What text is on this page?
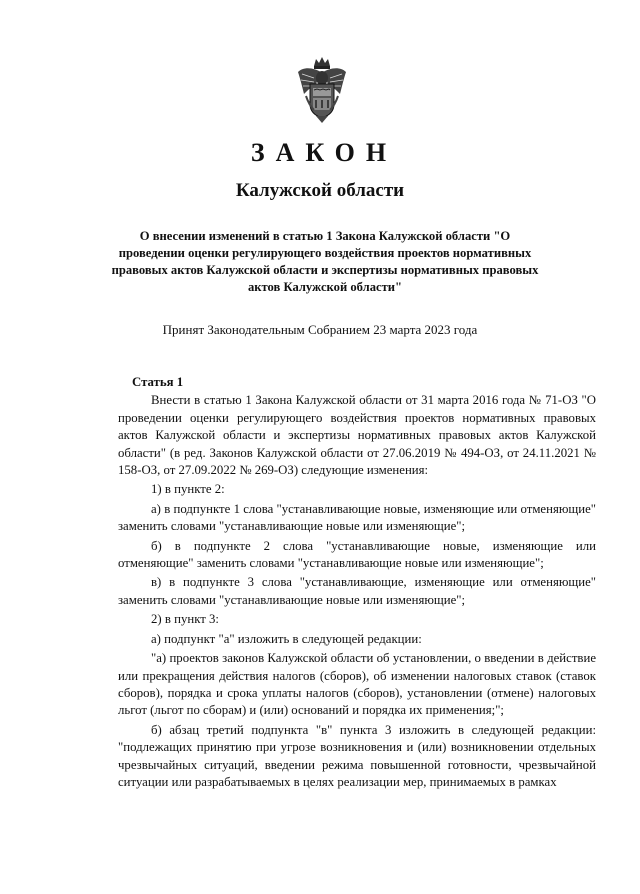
ЗАКОН
Калужской области
О внесении изменений в статью 1 Закона Калужской области "О проведении оценки регулирующего воздействия проектов нормативных правовых актов Калужской области и экспертизы нормативных правовых актов Калужской области"
Принят Законодательным Собранием 23 марта 2023 года
Статья 1

Внести в статью 1 Закона Калужской области от 31 марта 2016 года № 71-ОЗ "О проведении оценки регулирующего воздействия проектов нормативных правовых актов Калужской области и экспертизы нормативных правовых актов Калужской области" (в ред. Законов Калужской области от 27.06.2019 № 494-ОЗ, от 24.11.2021 № 158-ОЗ, от 27.09.2022 № 269-ОЗ) следующие изменения:

1) в пункте 2:

а) в подпункте 1 слова "устанавливающие новые, изменяющие или отменяющие" заменить словами "устанавливающие новые или изменяющие";

б) в подпункте 2 слова "устанавливающие новые, изменяющие или отменяющие" заменить словами "устанавливающие новые или изменяющие";

в) в подпункте 3 слова "устанавливающие, изменяющие или отменяющие" заменить словами "устанавливающие новые или изменяющие";

2) в пункт 3:

а) подпункт "а" изложить в следующей редакции:

"а) проектов законов Калужской области об установлении, о введении в действие или прекращения действия налогов (сборов), об изменении налоговых ставок (ставок сборов), порядка и срока уплаты налогов (сборов), установлении (отмене) налоговых льгот (льгот по сборам) и (или) оснований и порядка их применения;";

б) абзац третий подпункта "в" пункта 3 изложить в следующей редакции: "подлежащих принятию при угрозе возникновения и (или) возникновении отдельных чрезвычайных ситуаций, введении режима повышенной готовности, чрезвычайной ситуации или разрабатываемых в целях реализации мер, принимаемых в рамках
